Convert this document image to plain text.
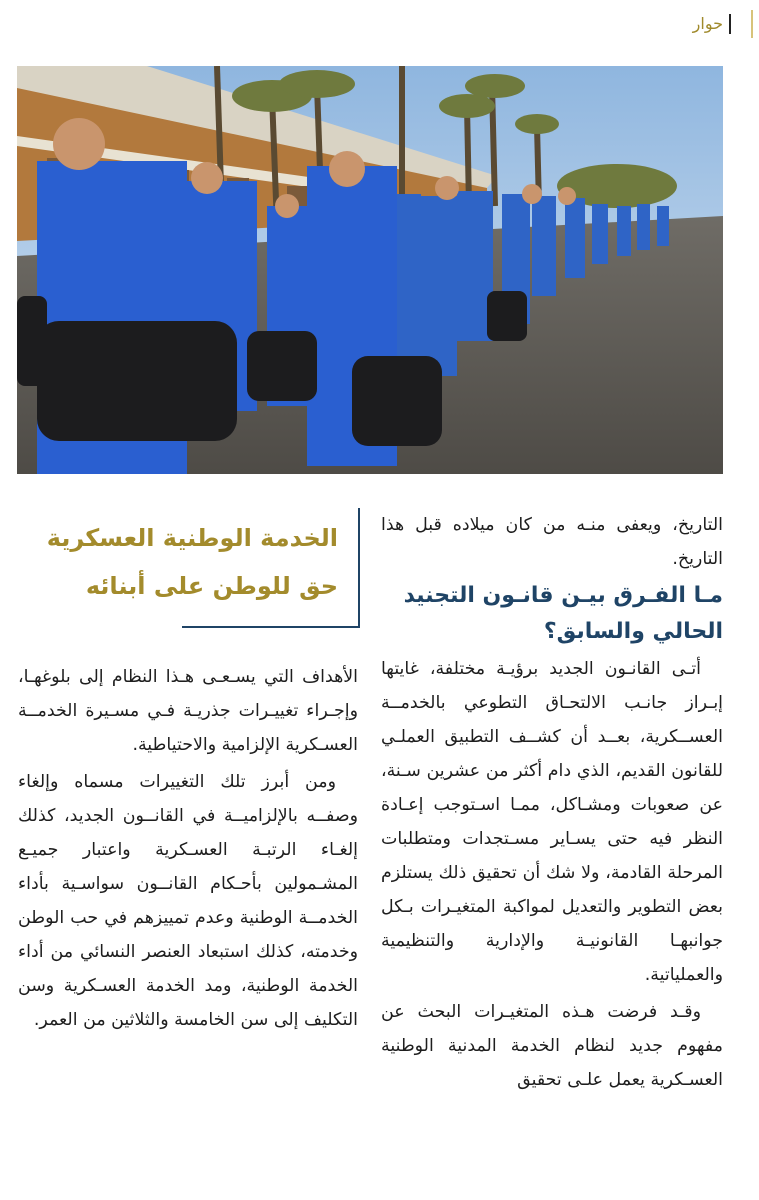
حوار

التاريخ، ويعفى منـه من كان ميلاده قبل هذا التاريخ.

مـا الفـرق بيـن قانـون التجنيد الحالي والسابق؟

أتـى القانـون الجديد برؤيـة مختلفة، غايتها إبـراز جانـب الالتحـاق التطوعي بالخدمــة العســكرية، بعــد أن كشــف التطبيق العملـي للقانون القديم، الذي دام أكثر من عشرين سـنة، عن صعوبات ومشـاكل، ممـا اسـتوجب إعـادة النظر فيه حتى يسـاير مسـتجدات ومتطلبات المرحلة القادمة، ولا شك أن تحقيق ذلك يستلزم بعض التطوير والتعديل لمواكبة المتغيـرات بـكل جوانبهـا القانونيـة والإدارية والتنظيمية والعملياتية.

وقـد فرضت هـذه المتغيـرات البحث عن مفهوم جديد لنظام الخدمة المدنية الوطنية العسـكرية يعمل علـى تحقيق

الخدمة الوطنية العسكرية
حق للوطن على أبنائه

الأهداف التي يسـعـى هـذا النظام إلى بلوغهـا، وإجـراء تغييـرات جذريـة فـي مسـيرة الخدمــة العسـكرية الإلزامية والاحتياطية.

ومن أبرز تلك التغييرات مسماه وإلغاء وصفــه بالإلزاميــة في القانــون الجديد، كذلك إلغـاء الرتبـة العسـكرية واعتبار جميـع المشـمولين بأحـكام القانــون سواسـية بأداء الخدمــة الوطنية وعدم تمييزهم في حب الوطن وخدمته، كذلك استبعاد العنصر النسائي من أداء الخدمة الوطنية، ومد الخدمة العسـكرية وسن التكليف إلى سن الخامسة والثلاثين من العمر.
